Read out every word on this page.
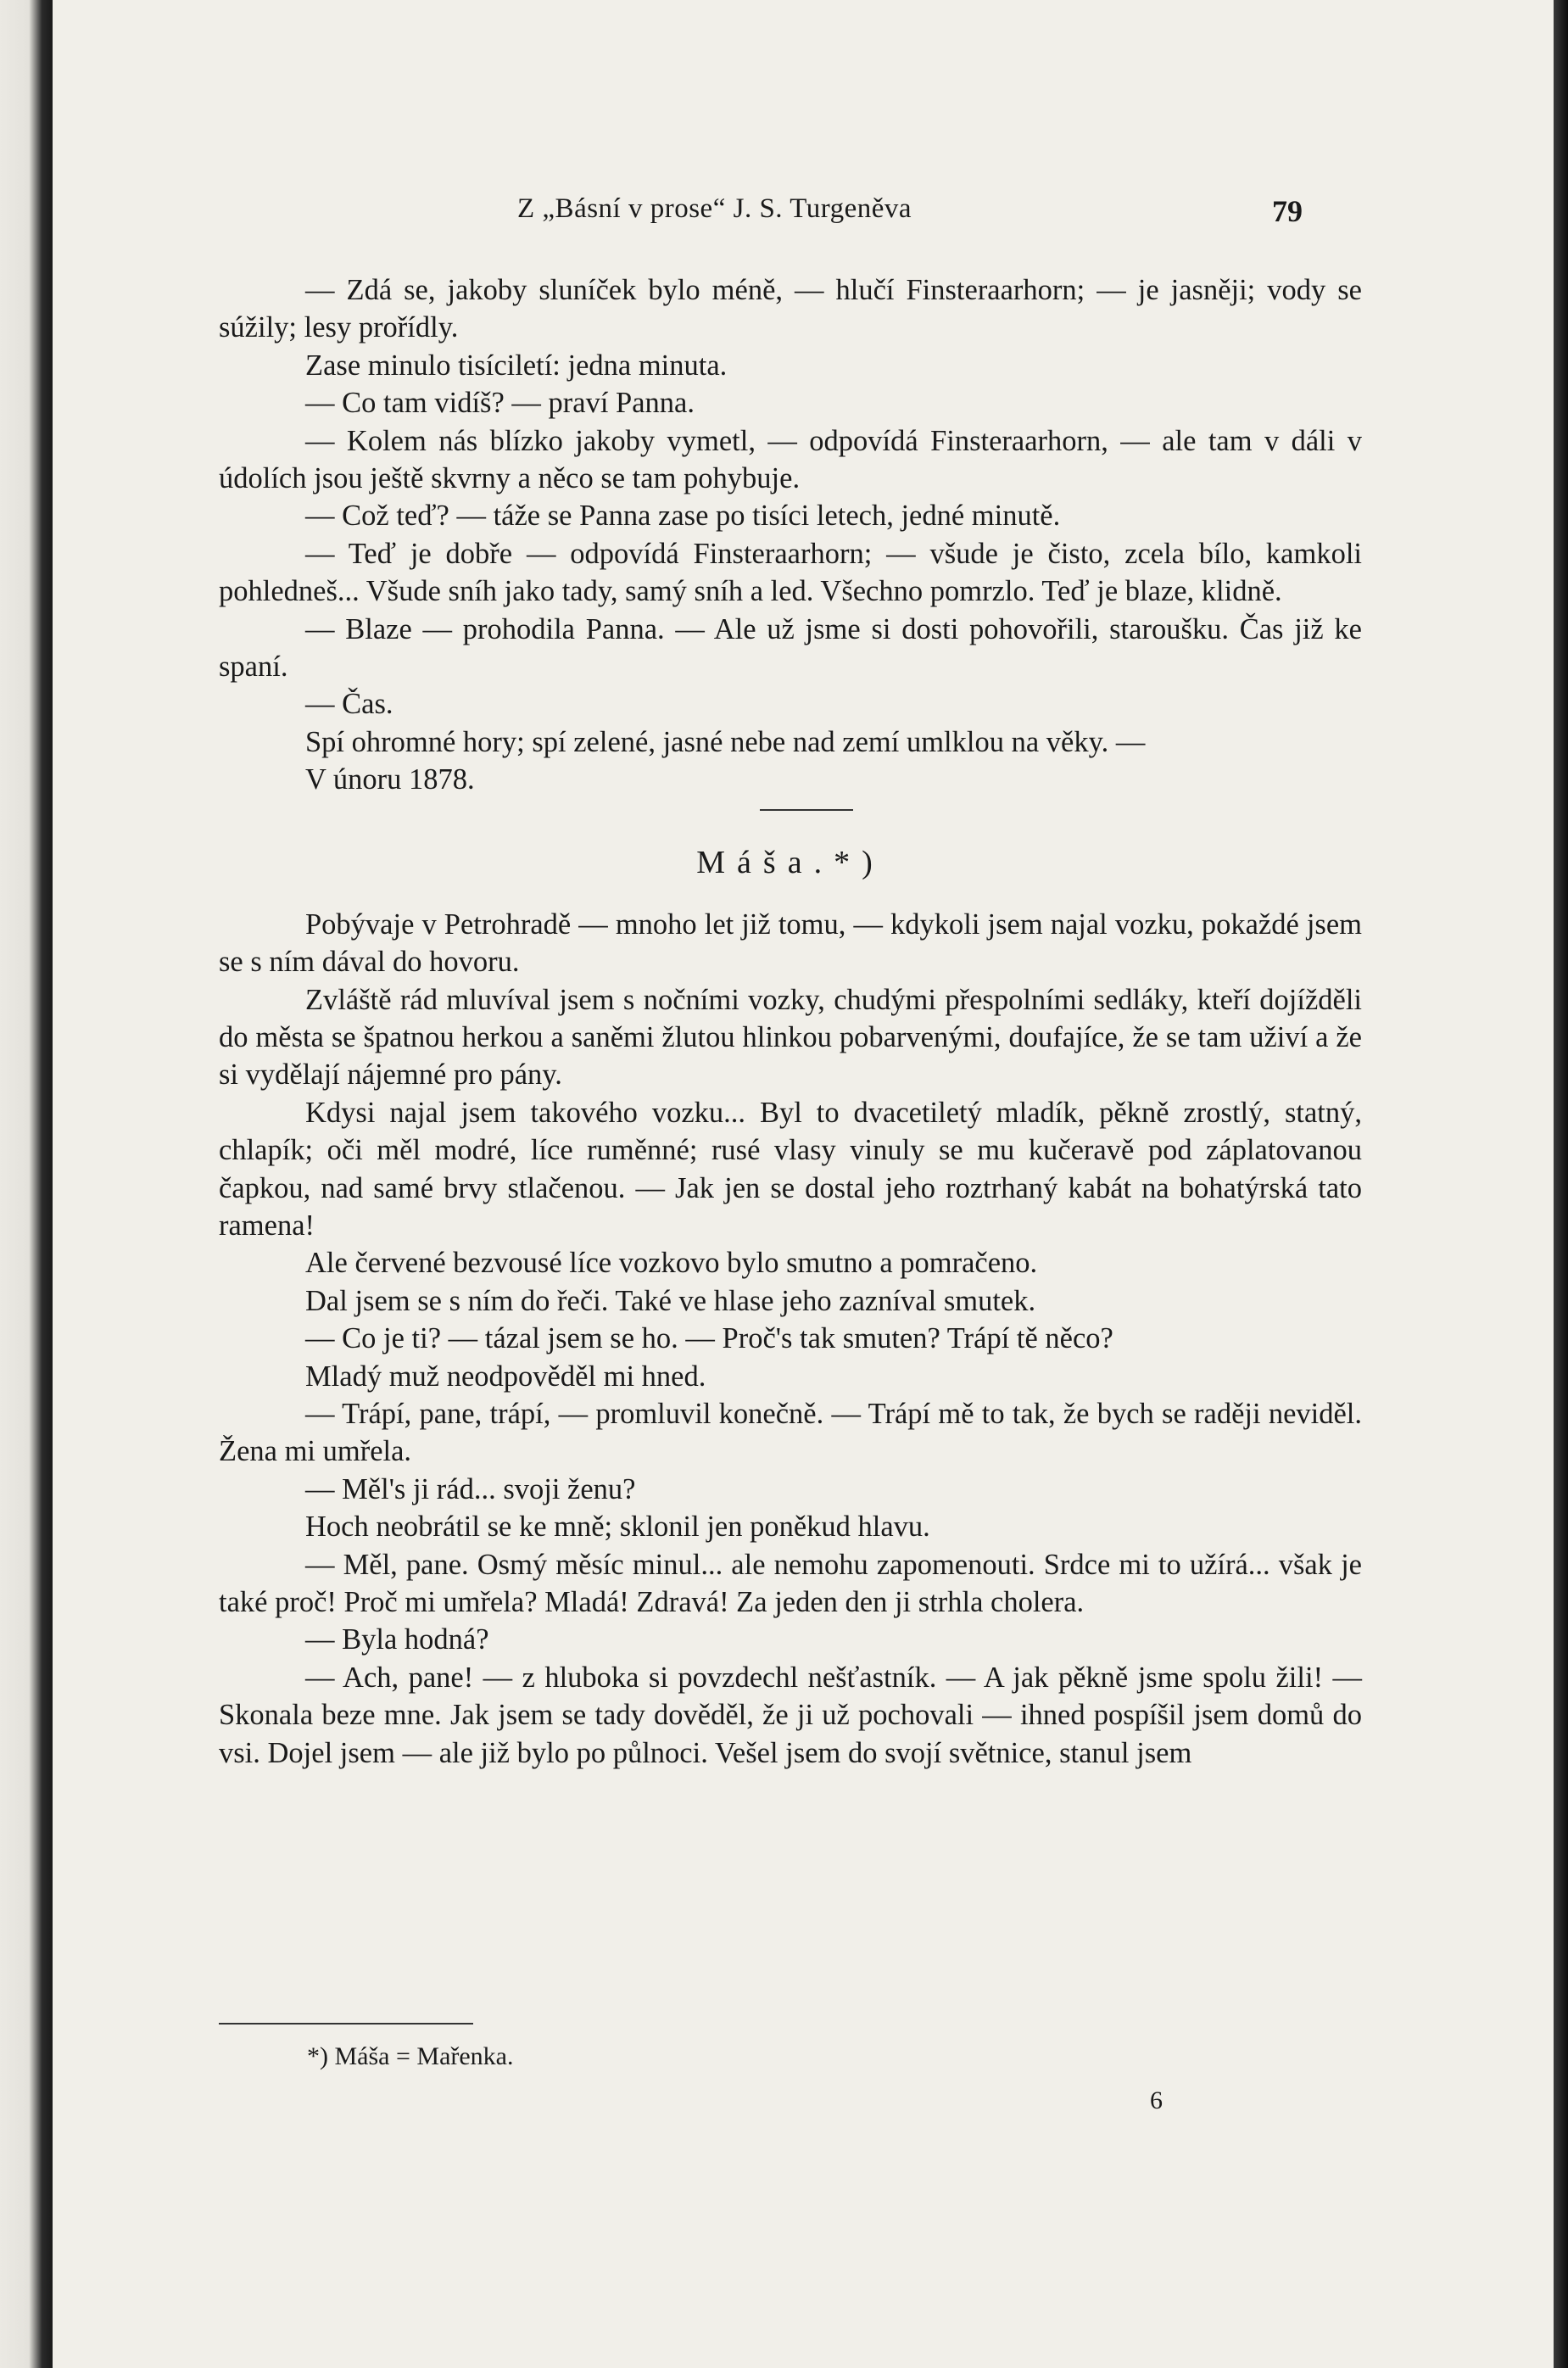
Z „Básní v prose“ J. S. Turgeněva	79

— Zdá se, jakoby sluníček bylo méně, — hlučí Finsteraarhorn; — je jasněji; vody se súžily; lesy prořídly.

Zase minulo tisíciletí: jedna minuta.

— Co tam vidíš? — praví Panna.

— Kolem nás blízko jakoby vymetl, — odpovídá Finsteraarhorn, — ale tam v dáli v údolích jsou ještě skvrny a něco se tam pohybuje.

— Což teď? — táže se Panna zase po tisíci letech, jedné minutě.

— Teď je dobře — odpovídá Finsteraarhorn; — všude je čisto, zcela bílo, kamkoli pohledneš... Všude sníh jako tady, samý sníh a led. Všechno pomrzlo. Teď je blaze, klidně.

— Blaze — prohodila Panna. — Ale už jsme si dosti pohovořili, staroušku. Čas již ke spaní.

— Čas.

Spí ohromné hory; spí zelené, jasné nebe nad zemí umlklou na věky. —

V únoru 1878.

Máša.*)

Pobývaje v Petrohradě — mnoho let již tomu, — kdykoli jsem najal vozku, pokaždé jsem se s ním dával do hovoru.

Zvláště rád mluvíval jsem s nočními vozky, chudými přespolními sedláky, kteří dojížděli do města se špatnou herkou a saněmi žlutou hlinkou pobarvenými, doufajíce, že se tam uživí a že si vydělají nájemné pro pány.

Kdysi najal jsem takového vozku... Byl to dvacetiletý mladík, pěkně zrostlý, statný, chlapík; oči měl modré, líce ruměnné; rusé vlasy vinuly se mu kučeravě pod záplatovanou čapkou, nad samé brvy stlačenou. — Jak jen se dostal jeho roztrhaný kabát na bohatýrská tato ramena!

Ale červené bezvousé líce vozkovo bylo smutno a pomračeno.

Dal jsem se s ním do řeči. Také ve hlase jeho zazníval smutek.

— Co je ti? — tázal jsem se ho. — Proč's tak smuten? Trápí tě něco?

Mladý muž neodpověděl mi hned.

— Trápí, pane, trápí, — promluvil konečně. — Trápí mě to tak, že bych se raději neviděl. Žena mi umřela.

— Měl's ji rád... svoji ženu?

Hoch neobrátil se ke mně; sklonil jen poněkud hlavu.

— Měl, pane. Osmý měsíc minul... ale nemohu zapomenouti. Srdce mi to užírá... však je také proč! Proč mi umřela? Mladá! Zdravá! Za jeden den ji strhla cholera.

— Byla hodná?

— Ach, pane! — z hluboka si povzdechl nešťastník. — A jak pěkně jsme spolu žili! — Skonala beze mne. Jak jsem se tady dověděl, že ji už pochovali — ihned pospíšil jsem domů do vsi. Dojel jsem — ale již bylo po půlnoci. Vešel jsem do svojí světnice, stanul jsem

*) Máša = Mařenka.
6
